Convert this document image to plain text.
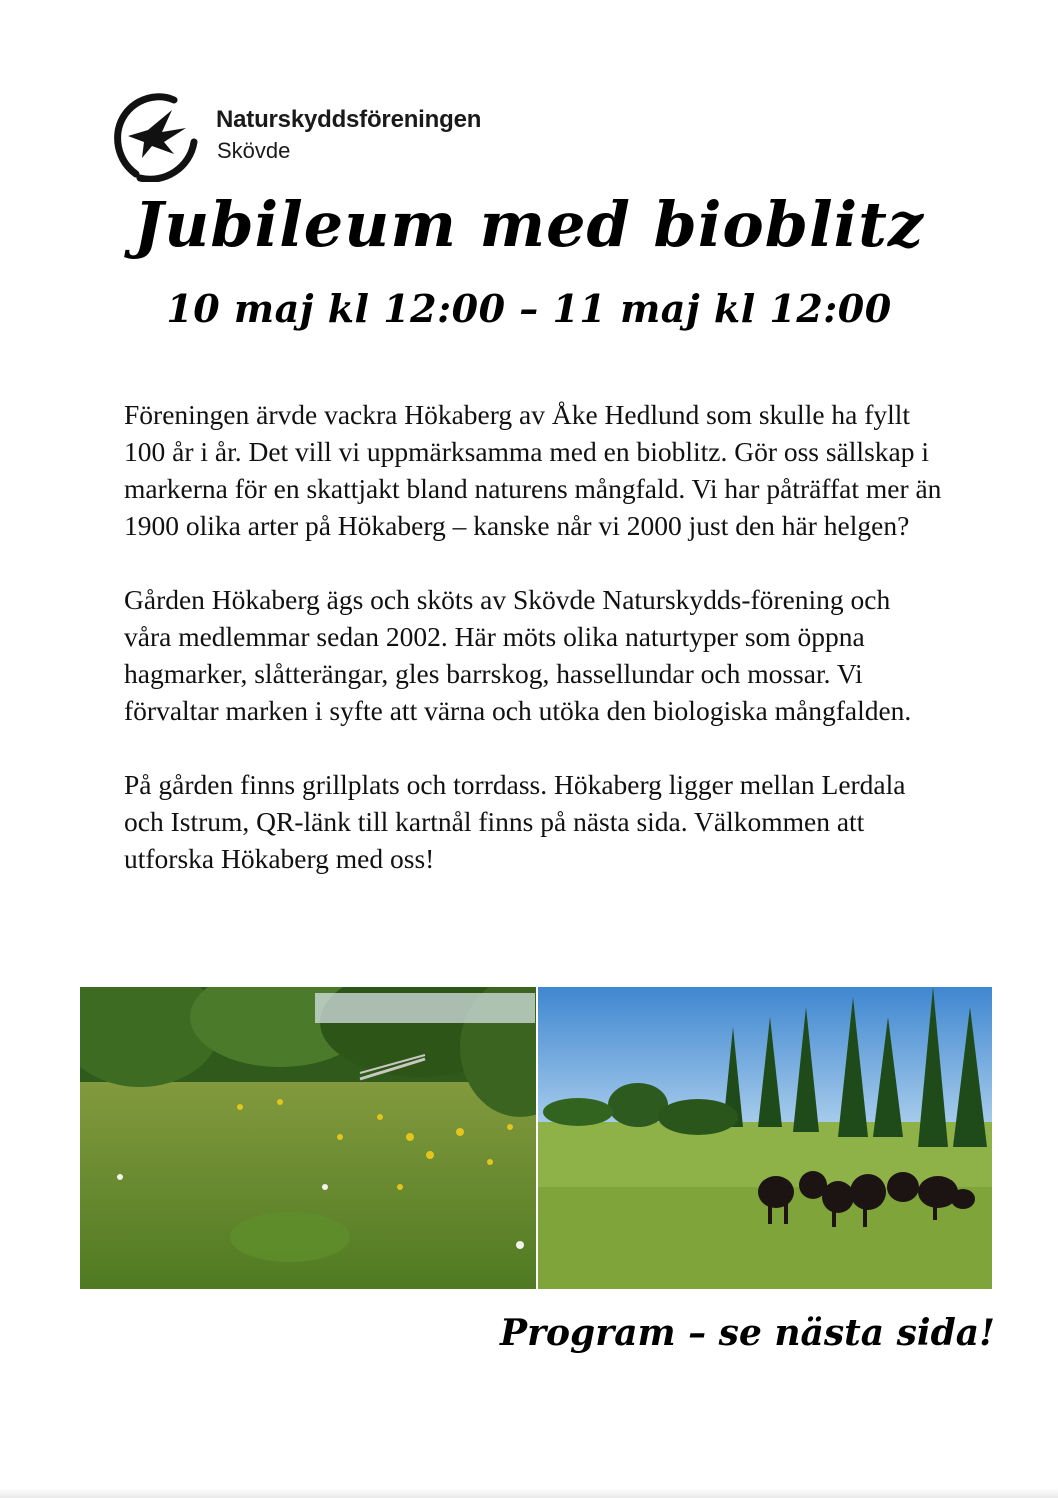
Naturskyddsföreningen
Skövde
Jubileum med bioblitz
10 maj kl 12:00 – 11 maj kl 12:00

Föreningen ärvde vackra Hökaberg av Åke Hedlund som skulle ha fyllt 100 år i år. Det vill vi uppmärksamma med en bioblitz. Gör oss sällskap i markerna för en skattjakt bland naturens mångfald. Vi har påträffat mer än 1900 olika arter på Hökaberg – kanske når vi 2000 just den här helgen?

Gården Hökaberg ägs och sköts av Skövde Naturskydds-förening och våra medlemmar sedan 2002. Här möts olika naturtyper som öppna hagmarker, slåtterängar, gles barrskog, hassellundar och mossar. Vi förvaltar marken i syfte att värna och utöka den biologiska mångfalden.

På gården finns grillplats och torrdass. Hökaberg ligger mellan Lerdala och Istrum, QR-länk till kartnål finns på nästa sida. Välkommen att utforska Hökaberg med oss!

Program – se nästa sida!
